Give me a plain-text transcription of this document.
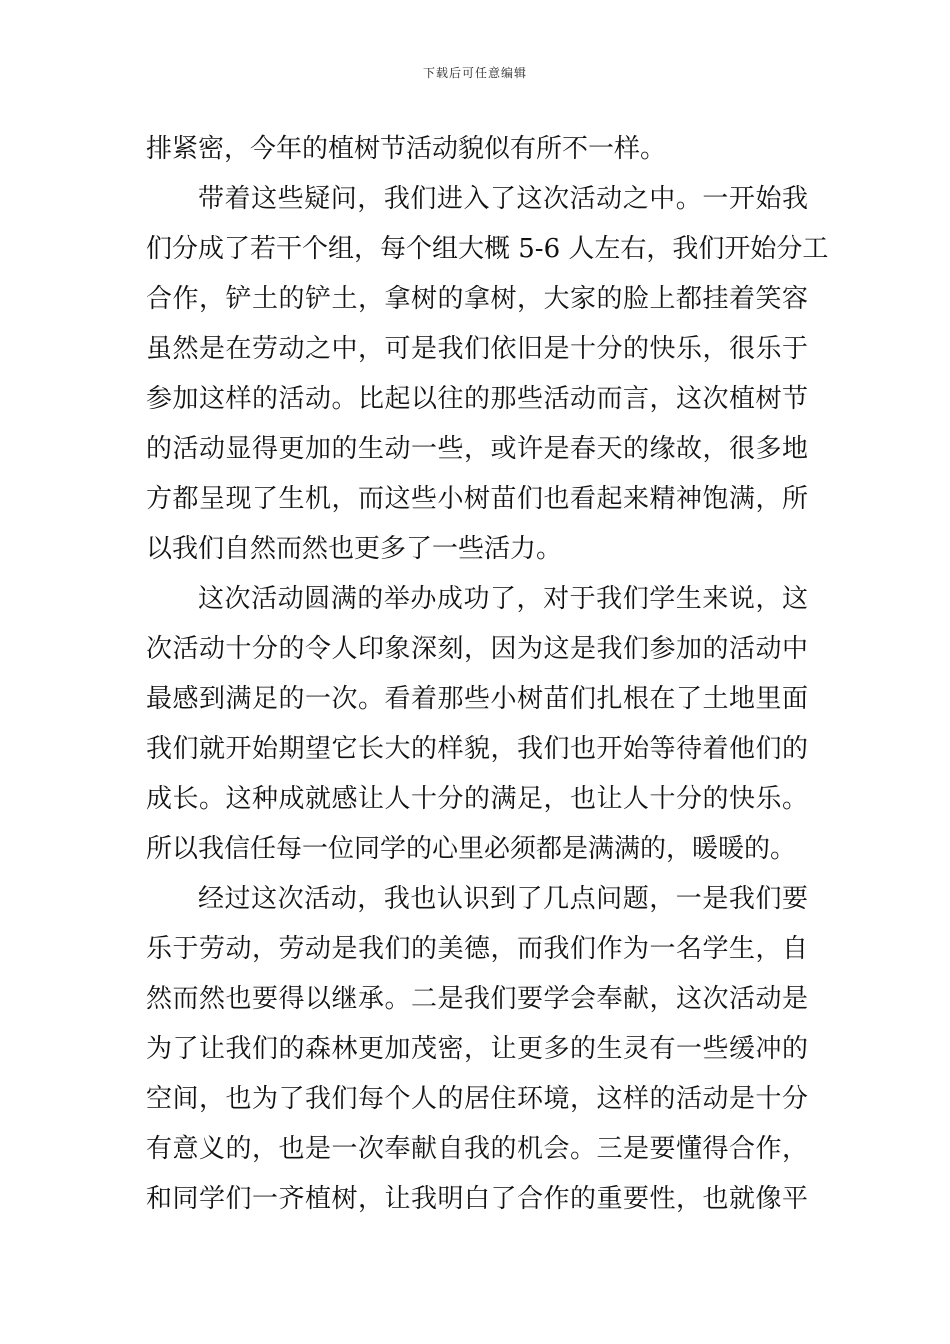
下载后可任意编辑
排紧密，今年的植树节活动貌似有所不一样。
带着这些疑问，我们进入了这次活动之中。一开始我
们分成了若干个组，每个组大概 5-6 人左右，我们开始分工
合作，铲土的铲土，拿树的拿树，大家的脸上都挂着笑容
虽然是在劳动之中，可是我们依旧是十分的快乐，很乐于
参加这样的活动。比起以往的那些活动而言，这次植树节
的活动显得更加的生动一些，或许是春天的缘故，很多地
方都呈现了生机，而这些小树苗们也看起来精神饱满，所
以我们自然而然也更多了一些活力。
这次活动圆满的举办成功了，对于我们学生来说，这
次活动十分的令人印象深刻，因为这是我们参加的活动中
最感到满足的一次。看着那些小树苗们扎根在了土地里面
我们就开始期望它长大的样貌，我们也开始等待着他们的
成长。这种成就感让人十分的满足，也让人十分的快乐。
所以我信任每一位同学的心里必须都是满满的，暖暖的。
经过这次活动，我也认识到了几点问题，一是我们要
乐于劳动，劳动是我们的美德，而我们作为一名学生，自
然而然也要得以继承。二是我们要学会奉献，这次活动是
为了让我们的森林更加茂密，让更多的生灵有一些缓冲的
空间，也为了我们每个人的居住环境，这样的活动是十分
有意义的，也是一次奉献自我的机会。三是要懂得合作，
和同学们一齐植树，让我明白了合作的重要性，也就像平
